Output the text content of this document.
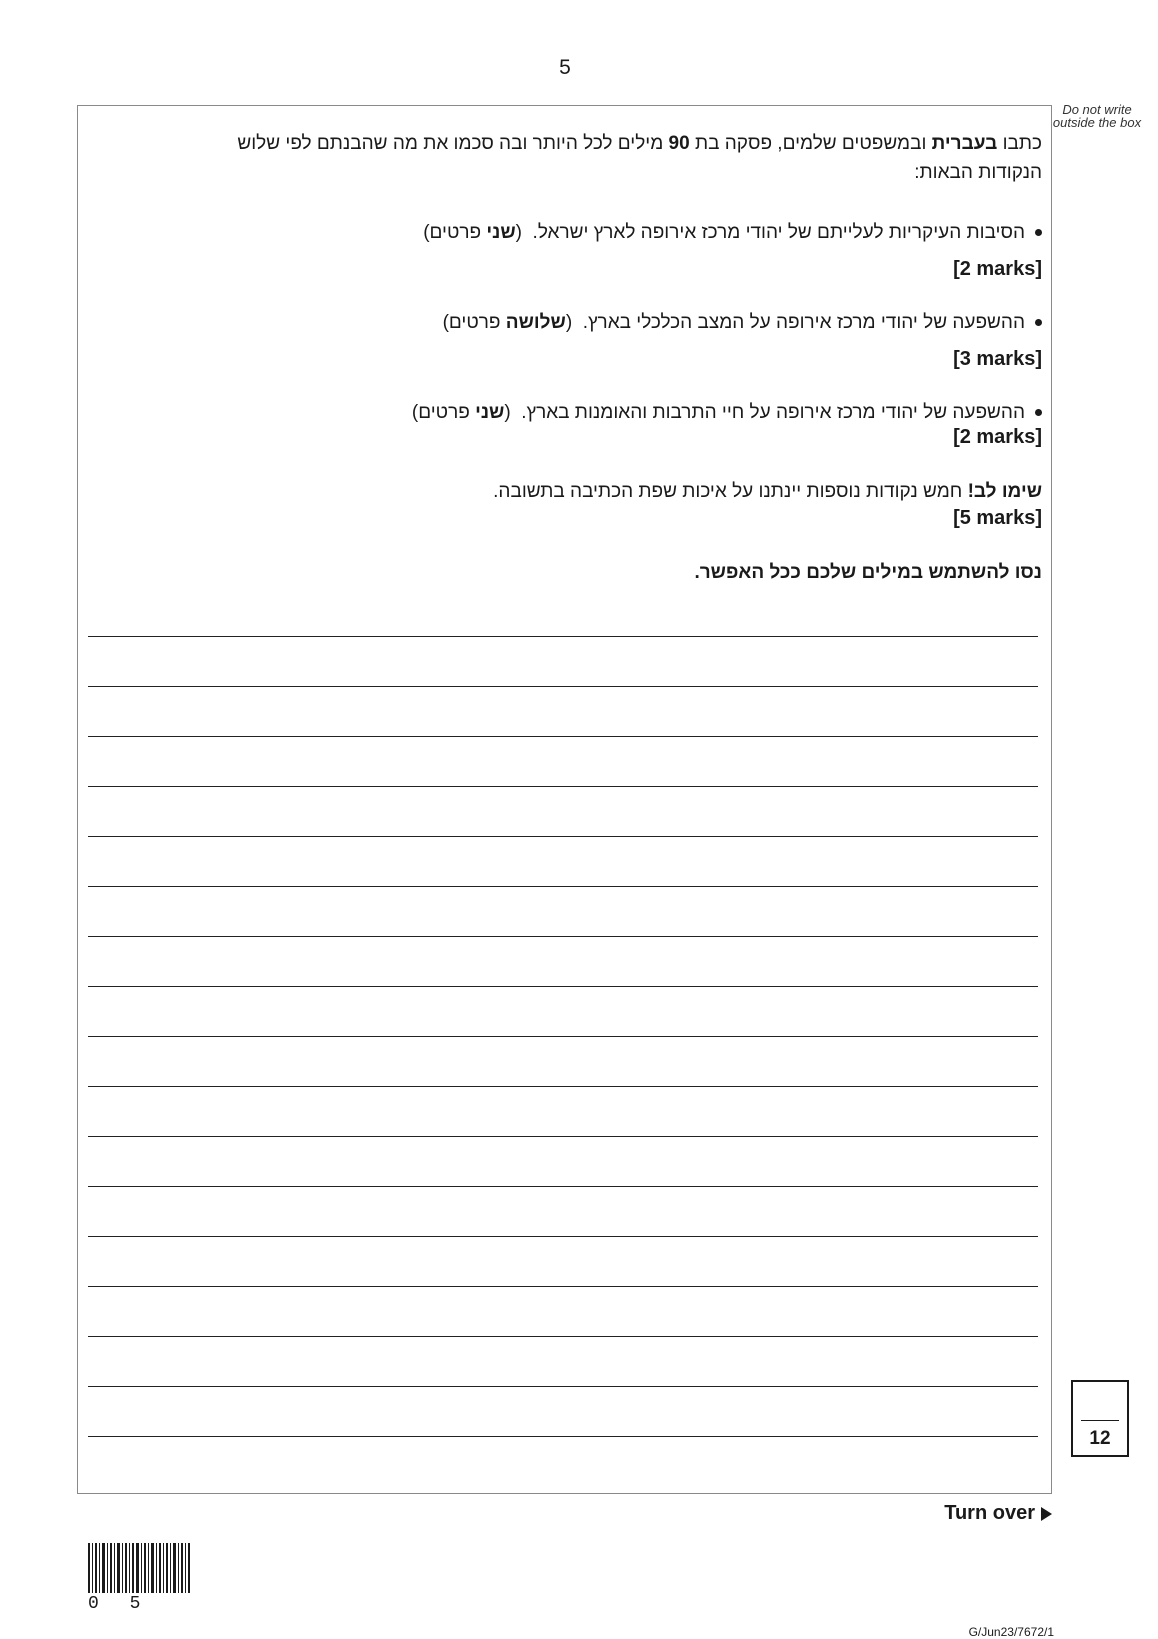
5
Do not write outside the box
כתבו בעברית ובמשפטים שלמים, פסקה בת 90 מילים לכל היותר ובה סכמו את מה שהבנתם לפי שלוש הנקודות הבאות:
הסיבות העיקריות לעלייתם של יהודי מרכז אירופה לארץ ישראל.  (שני פרטים)
[2 marks]
ההשפעה של יהודי מרכז אירופה על המצב הכלכלי בארץ.  (שלושה פרטים)
[3 marks]
ההשפעה של יהודי מרכז אירופה על חיי התרבות והאומנות בארץ.  (שני פרטים)
[2 marks]
שימו לב! חמש נקודות נוספות יינתנו על איכות שפת הכתיבה בתשובה.
[5 marks]
נסו להשתמש במילים שלכם ככל האפשר.
12
Turn over
0 5
G/Jun23/7672/1
